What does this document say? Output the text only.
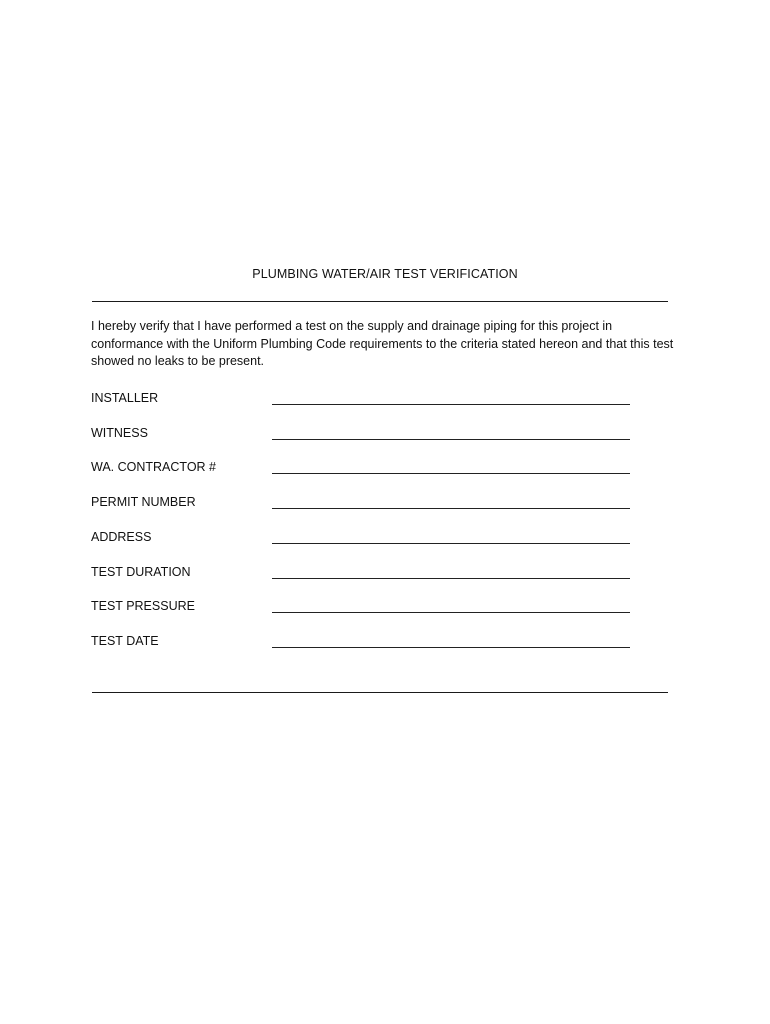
PLUMBING WATER/AIR TEST VERIFICATION

I hereby verify that I have performed a test on the supply and drainage piping for this project in conformance with the Uniform Plumbing Code requirements to the criteria stated hereon and that this test showed no leaks to be present.

INSTALLER
WITNESS
WA. CONTRACTOR #
PERMIT NUMBER
ADDRESS
TEST DURATION
TEST PRESSURE
TEST DATE
